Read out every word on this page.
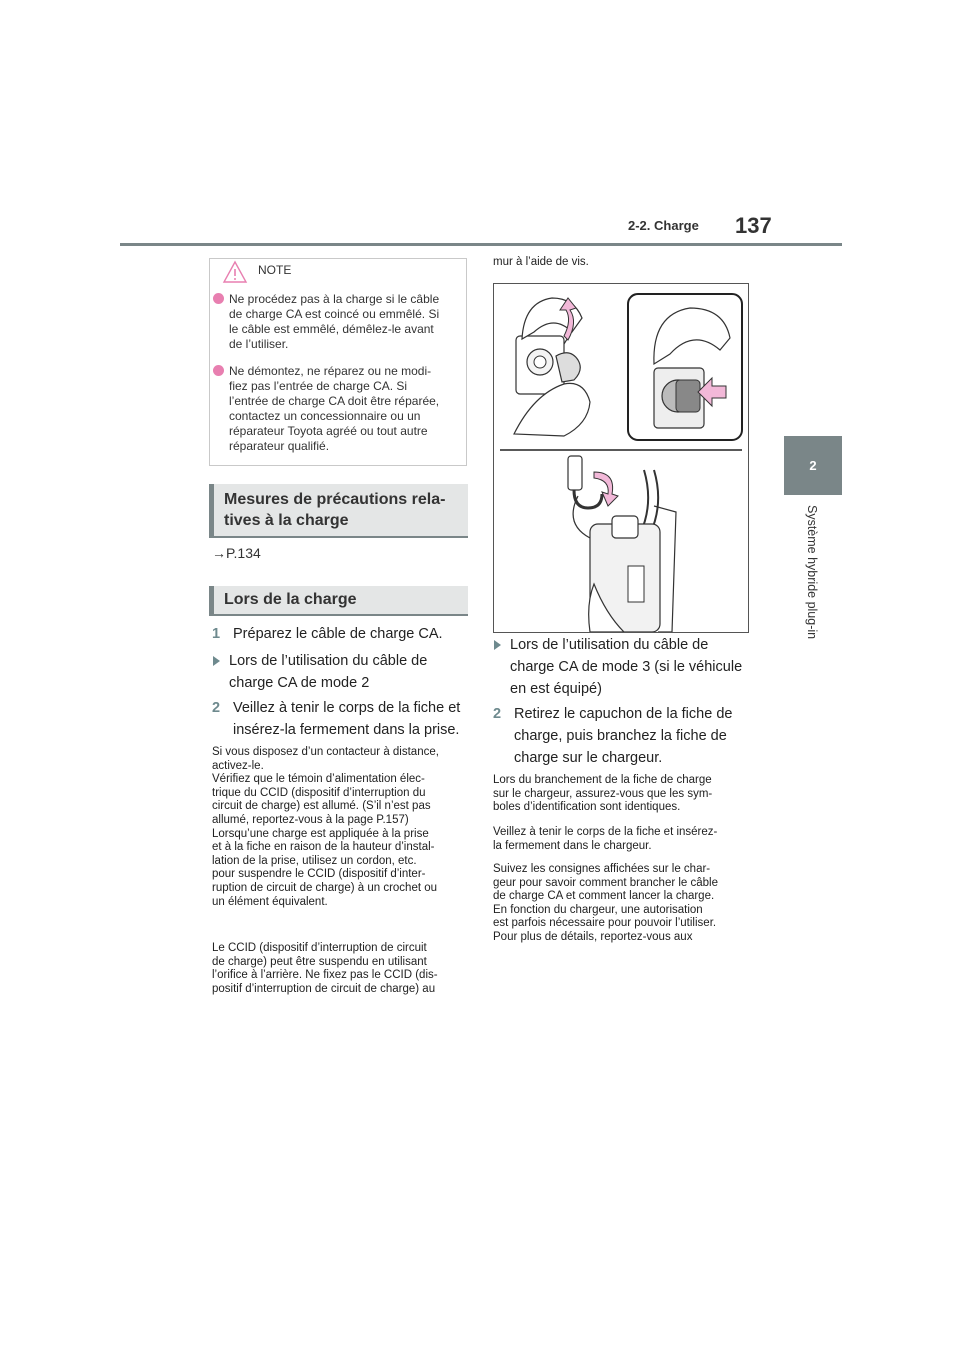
2-2. Charge 137
2
Système hybride plug-in
NOTE
Ne procédez pas à la charge si le câble
de charge CA est coincé ou emmêlé. Si
le câble est emmêlé, démêlez-le avant
de l’utiliser.
Ne démontez, ne réparez ou ne modi-
fiez pas l’entrée de charge CA. Si
l’entrée de charge CA doit être réparée,
contactez un concessionnaire ou un
réparateur Toyota agréé ou tout autre
réparateur qualifié.
Mesures de précautions rela-
tives à la charge
→P.134
Lors de la charge
1 Préparez le câble de charge CA.
Lors de l’utilisation du câble de
charge CA de mode 2
2 Veillez à tenir le corps de la fiche et
insérez-la fermement dans la prise.
Si vous disposez d’un contacteur à distance,
activez-le.
Vérifiez que le témoin d’alimentation élec-
trique du CCID (dispositif d’interruption du
circuit de charge) est allumé. (S’il n’est pas
allumé, reportez-vous à la page P.157)
Lorsqu’une charge est appliquée à la prise
et à la fiche en raison de la hauteur d’instal-
lation de la prise, utilisez un cordon, etc.
pour suspendre le CCID (dispositif d’inter-
ruption de circuit de charge) à un crochet ou
un élément équivalent.
Le CCID (dispositif d’interruption de circuit
de charge) peut être suspendu en utilisant
l’orifice à l’arrière. Ne fixez pas le CCID (dis-
positif d’interruption de circuit de charge) au
mur à l’aide de vis.
Lors de l’utilisation du câble de
charge CA de mode 3 (si le véhicule
en est équipé)
2 Retirez le capuchon de la fiche de
charge, puis branchez la fiche de
charge sur le chargeur.
Lors du branchement de la fiche de charge
sur le chargeur, assurez-vous que les sym-
boles d’identification sont identiques.
Veillez à tenir le corps de la fiche et insérez-
la fermement dans le chargeur.
Suivez les consignes affichées sur le char-
geur pour savoir comment brancher le câble
de charge CA et comment lancer la charge.
En fonction du chargeur, une autorisation
est parfois nécessaire pour pouvoir l’utiliser.
Pour plus de détails, reportez-vous aux
